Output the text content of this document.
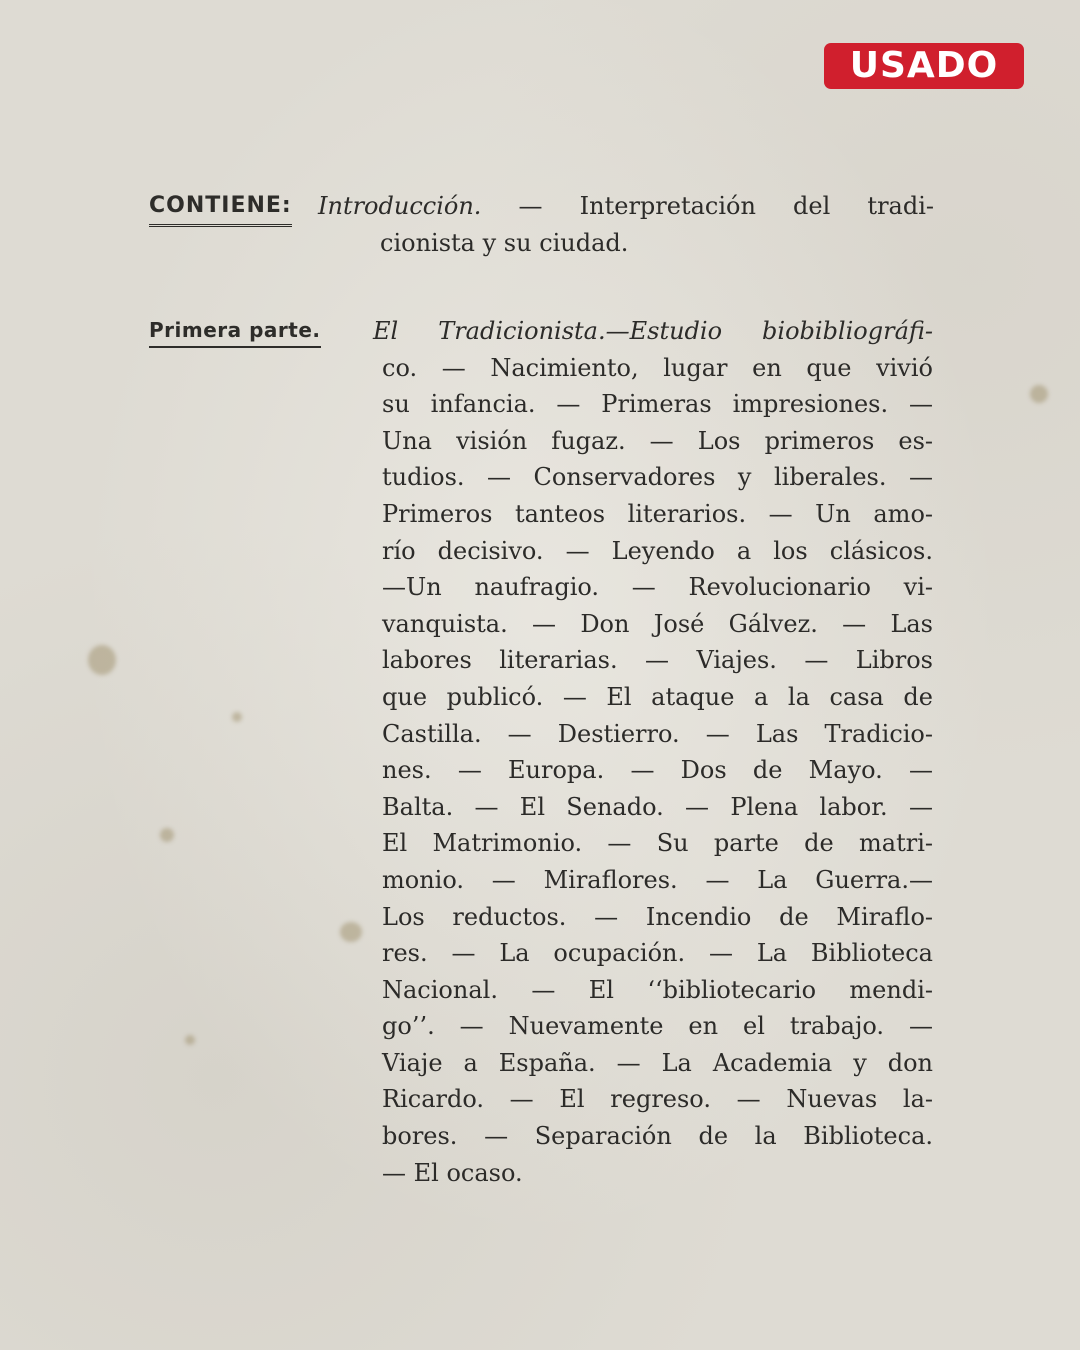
USADO
CONTIENE: Introducción. — Interpretación del tradi-
cionista y su ciudad.
Primera parte. El Tradicionista.—Estudio biobibliográfi-
co. — Nacimiento, lugar en que vivió
su infancia. — Primeras impresiones. —
Una visión fugaz. — Los primeros es-
tudios. — Conservadores y liberales. —
Primeros tanteos literarios. — Un amo-
río decisivo. — Leyendo a los clásicos.
—Un naufragio. — Revolucionario vi-
vanquista. — Don José Gálvez. — Las
labores literarias. — Viajes. — Libros
que publicó. — El ataque a la casa de
Castilla. — Destierro. — Las Tradicio-
nes. — Europa. — Dos de Mayo. —
Balta. — El Senado. — Plena labor. —
El Matrimonio. — Su parte de matri-
monio. — Miraflores. — La Guerra.—
Los reductos. — Incendio de Miraflo-
res. — La ocupación. — La Biblioteca
Nacional. — El ‘‘bibliotecario mendi-
go’’. — Nuevamente en el trabajo. —
Viaje a España. — La Academia y don
Ricardo. — El regreso. — Nuevas la-
bores. — Separación de la Biblioteca.
— El ocaso.
